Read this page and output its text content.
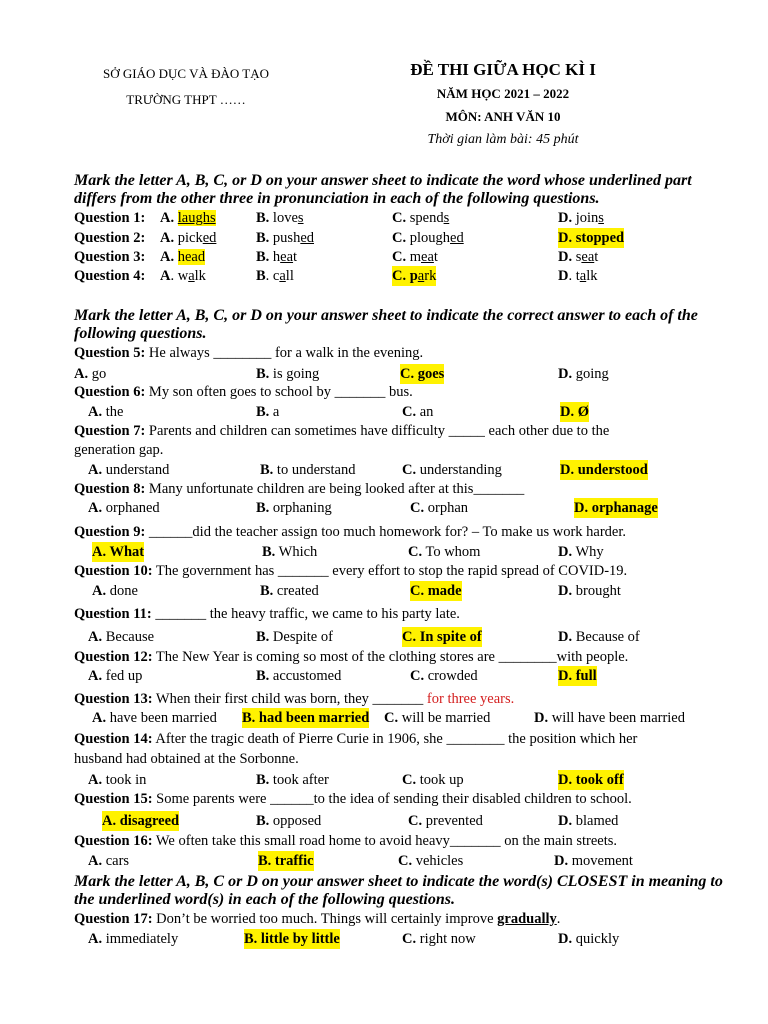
SỞ GIÁO DỤC VÀ ĐÀO TẠO
TRƯỜNG THPT ……
ĐỀ THI GIỮA HỌC KÌ I
NĂM HỌC 2021 – 2022
MÔN: ANH VĂN 10
Thời gian làm bài: 45 phút
Mark the letter A, B, C, or D on your answer sheet to indicate the word whose underlined part differs from the other three in pronunciation in each of the following questions.
Question 1: A. laughs	B. loves	C. spends	D. joins
Question 2: A. picked	B. pushed	C. ploughed	D. stopped
Question 3: A. head	B. heat	C. meat	D. seat
Question 4: A. walk	B. call	C. park	D. talk
Mark the letter A, B, C, or D on your answer sheet to indicate the correct answer to each of the following questions.
Question 5: He always ________ for a walk in the evening.
A. go	B. is going	C. goes	D. going
Question 6: My son often goes to school by _______ bus.
A. the	B. a	C. an	D. Ø
Question 7: Parents and children can sometimes have difficulty _____ each other due to the
generation gap.
A. understand	B. to understand	C. understanding	D. understood
Question 8: Many unfortunate children are being looked after at this_______
A. orphaned	B. orphaning	C. orphan	D. orphanage
Question 9: ______did the teacher assign too much homework for? – To make us work harder.
A. What	B. Which	C. To whom	D. Why
Question 10: The government has _______ every effort to stop the rapid spread of COVID-19.
A. done	B. created	C. made	D. brought
Question 11: _______ the heavy traffic, we came to his party late.
A. Because	B. Despite of	C. In spite of	D. Because of
Question 12: The New Year is coming so most of the clothing stores are ________with people.
A. fed up	B. accustomed	C. crowded	D. full
Question 13: When their first child was born, they _______ for three years.
A. have been married B. had been married C. will be married	D. will have been married
Question 14: After the tragic death of Pierre Curie in 1906, she ________ the position which her
husband had obtained at the Sorbonne.
A. took in	B. took after	C. took up	D. took off
Question 15: Some parents were ______to the idea of sending their disabled children to school.
A. disagreed	B. opposed	C. prevented	D. blamed
Question 16: We often take this small road home to avoid heavy_______ on the main streets.
A. cars	B. traffic	C. vehicles	D. movement
Mark the letter A, B, C or D on your answer sheet to indicate the word(s) CLOSEST in meaning to the underlined word(s) in each of the following questions.
Question 17: Don’t be worried too much. Things will certainly improve gradually.
A. immediately	B. little by little	C. right now	D. quickly
